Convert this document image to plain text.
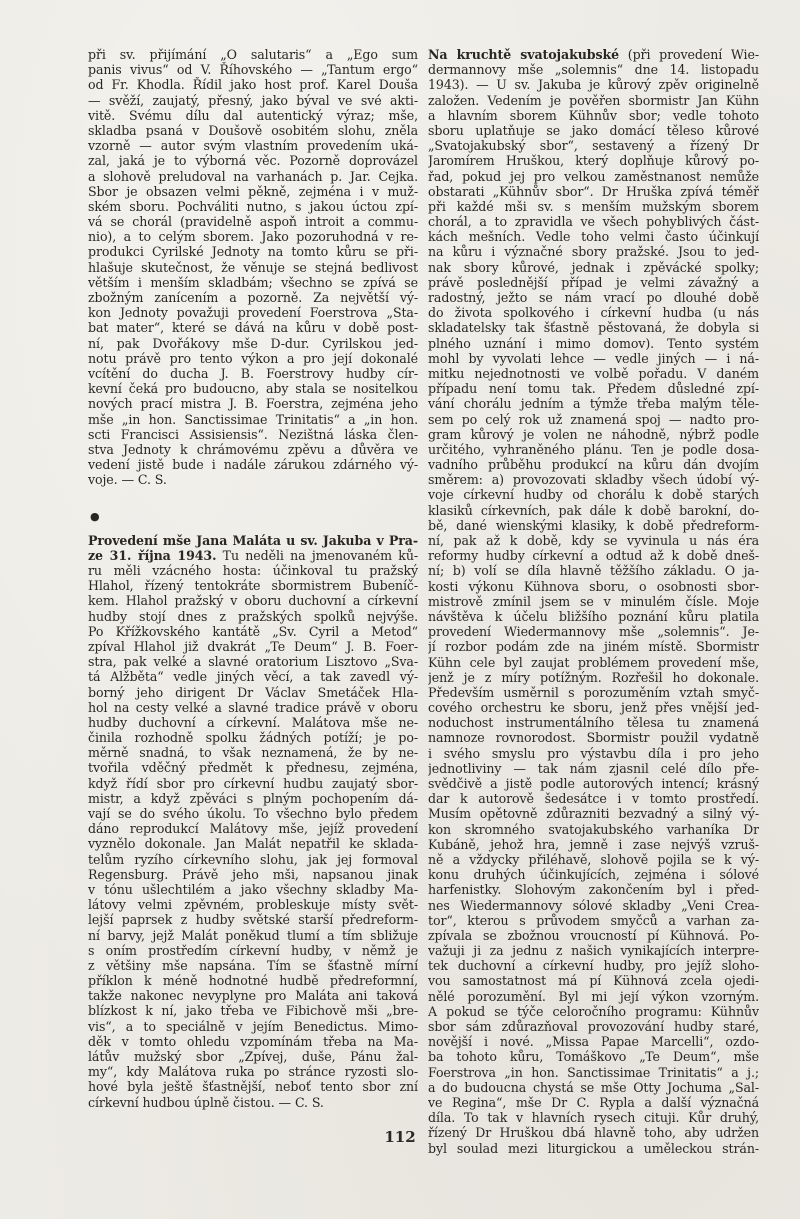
při sv. přijímání „O salutaris“ a „Ego sum
panis vivus“ od V. Říhovského — „Tantum ergo“
od Fr. Khodla. Řídil jako host prof. Karel Douša
— svěží, zaujatý, přesný, jako býval ve své akti-
vitě. Svému dílu dal autentický výraz; mše,
skladba psaná v Doušově osobitém slohu, zněla
vzorně — autor svým vlastním provedením uká-
zal, jaká je to výborná věc. Pozorně doprovázel
a slohově preludoval na varhanách p. Jar. Cejka.
Sbor je obsazen velmi pěkně, zejména i v muž-
ském sboru. Pochváliti nutno, s jakou úctou zpí-
vá se chorál (pravidelně aspoň introit a commu-
nio), a to celým sborem. Jako pozoruhodná v re-
produkci Cyrilské Jednoty na tomto kůru se při-
hlašuje skutečnost, že věnuje se stejná bedlivost
větším i menším skladbám; všechno se zpívá se
zbožným zanícením a pozorně. Za největší vý-
kon Jednoty považuji provedení Foerstrova „Sta-
bat mater“, které se dává na kůru v době post-
ní, pak Dvořákovy mše D-dur. Cyrilskou jed-
notu právě pro tento výkon a pro její dokonalé
vcítění do ducha J. B. Foerstrovy hudby cír-
kevní čeká pro budoucno, aby stala se nositelkou
nových prací mistra J. B. Foerstra, zejména jeho
mše „in hon. Sanctissimae Trinitatis“ a „in hon.
scti Francisci Assisiensis“. Nezištná láska člen-
stva Jednoty k chrámovému zpěvu a důvěra ve
vedení jistě bude i nadále zárukou zdárného vý-
voje. — C. S.
●
Provedení mše Jana Maláta u sv. Jakuba v Pra-
ze 31. října 1943. Tu neděli na jmenovaném ků-
ru měli vzácného hosta: účinkoval tu pražský
Hlahol, řízený tentokráte sbormistrem Bubeníč-
kem. Hlahol pražský v oboru duchovní a církevní
hudby stojí dnes z pražských spolků nejvýše.
Po Křížkovského kantátě „Sv. Cyril a Metod“
zpíval Hlahol již dvakrát „Te Deum“ J. B. Foer-
stra, pak velké a slavné oratorium Lisztovo „Sva-
tá Alžběta“ vedle jiných věcí, a tak zavedl vý-
borný jeho dirigent Dr Václav Smetáček Hla-
hol na cesty velké a slavné tradice právě v oboru
hudby duchovní a církevní. Malátova mše ne-
činila rozhodně spolku žádných potíží; je po-
měrně snadná, to však neznamená, že by ne-
tvořila vděčný předmět k přednesu, zejména,
když řídí sbor pro církevní hudbu zaujatý sbor-
mistr, a když zpěváci s plným pochopením dá-
vají se do svého úkolu. To všechno bylo předem
dáno reprodukcí Malátovy mše, jejíž provedení
vyznělo dokonale. Jan Malát nepatřil ke sklada-
telům ryzího církevního slohu, jak jej formoval
Regensburg. Právě jeho mši, napsanou jinak
v tónu ušlechtilém a jako všechny skladby Ma-
látovy velmi zpěvném, probleskuje místy svět-
lejší paprsek z hudby světské starší předreform-
ní barvy, jejž Malát poněkud tlumí a tím sbližuje
s oním prostředím církevní hudby, v němž je
z většiny mše napsána. Tím se šťastně mírní
příklon k méně hodnotné hudbě předreformní,
takže nakonec nevyplyne pro Maláta ani taková
blízkost k ní, jako třeba ve Fibichově mši „bre-
vis“, a to speciálně v jejím Benedictus. Mimo-
děk v tomto ohledu vzpomínám třeba na Ma-
látův mužský sbor „Zpívej, duše, Pánu žal-
my“, kdy Malátova ruka po stránce ryzosti slo-
hové byla ještě šťastnější, neboť tento sbor zní
církevní hudbou úplně čistou. — C. S.
Na kruchtě svatojakubské (při provedení Wie-
dermannovy mše „solemnis“ dne 14. listopadu
1943). — U sv. Jakuba je kůrový zpěv originelně
založen. Vedením je pověřen sbormistr Jan Kühn
a hlavním sborem Kühnův sbor; vedle tohoto
sboru uplatňuje se jako domácí těleso kůrové
„Svatojakubský sbor“, sestavený a řízený Dr
Jaromírem Hruškou, který doplňuje kůrový po-
řad, pokud jej pro velkou zaměstnanost nemůže
obstarati „Kühnův sbor“. Dr Hruška zpívá téměř
při každé mši sv. s menším mužským sborem
chorál, a to zpravidla ve všech pohyblivých část-
kách mešních. Vedle toho velmi často účinkují
na kůru i význačné sbory pražské. Jsou to jed-
nak sbory kůrové, jednak i zpěvácké spolky;
právě poslednější případ je velmi závažný a
radostný, ježto se nám vrací po dlouhé době
do života spolkového i církevní hudba (u nás
skladatelsky tak šťastně pěstovaná, že dobyla si
plného uznání i mimo domov). Tento systém
mohl by vyvolati lehce — vedle jiných — i ná-
mitku nejednotnosti ve volbě pořadu. V daném
případu není tomu tak. Předem důsledné zpí-
vání chorálu jedním a týmže třeba malým těle-
sem po celý rok už znamená spoj — nadto pro-
gram kůrový je volen ne náhodně, nýbrž podle
určitého, vyhraněného plánu. Ten je podle dosa-
vadního průběhu produkcí na kůru dán dvojím
směrem: a) provozovati skladby všech údobí vý-
voje církevní hudby od chorálu k době starých
klasiků církevních, pak dále k době barokní, do-
bě, dané wienskými klasiky, k době předreform-
ní, pak až k době, kdy se vyvinula u nás éra
reformy hudby církevní a odtud až k době dneš-
ní; b) volí se díla hlavně těžšího základu. O ja-
kosti výkonu Kühnova sboru, o osobnosti sbor-
mistrově zmínil jsem se v minulém čísle. Moje
návštěva k účelu bližšího poznání kůru platila
provedení Wiedermannovy mše „solemnis“. Je-
jí rozbor podám zde na jiném místě. Sbormistr
Kühn cele byl zaujat problémem provedení mše,
jenž je z míry potížným. Rozřešil ho dokonale.
Především usměrnil s porozuměním vztah smyč-
cového orchestru ke sboru, jenž přes vnější jed-
noduchost instrumentálního tělesa tu znamená
namnoze rovnorodost. Sbormistr použil vydatně
i svého smyslu pro výstavbu díla i pro jeho
jednotliviny — tak nám zjasnil celé dílo pře-
svědčivě a jistě podle autorových intencí; krásný
dar k autorově šedesátce i v tomto prostředí.
Musím opětovně zdůrazniti bezvadný a silný vý-
kon skromného svatojakubského varhaníka Dr
Kubáně, jehož hra, jemně i zase nejvýš vzruš-
ně a vždycky přiléhavě, slohově pojila se k vý-
konu druhých účinkujících, zejména i sólové
harfenistky. Slohovým zakončením byl i před-
nes Wiedermannovy sólové skladby „Veni Crea-
tor“, kterou s průvodem smyčců a varhan za-
zpívala se zbožnou vroucností pí Kühnová. Po-
važuji ji za jednu z našich vynikajících interpre-
tek duchovní a církevní hudby, pro jejíž sloho-
vou samostatnost má pí Kühnová zcela ojedi-
nělé porozumění. Byl mi její výkon vzorným.
A pokud se týče celoročního programu: Kühnův
sbor sám zdůrazňoval provozování hudby staré,
novější i nové. „Missa Papae Marcelli“, ozdo-
ba tohoto kůru, Tomáškovo „Te Deum“, mše
Foerstrova „in hon. Sanctissimae Trinitatis“ a j.;
a do budoucna chystá se mše Otty Jochuma „Sal-
ve Regina“, mše Dr C. Rypla a další význačná
díla. To tak v hlavních rysech cituji. Kůr druhý,
řízený Dr Hruškou dbá hlavně toho, aby udržen
byl soulad mezi liturgickou a uměleckou strán-
112
